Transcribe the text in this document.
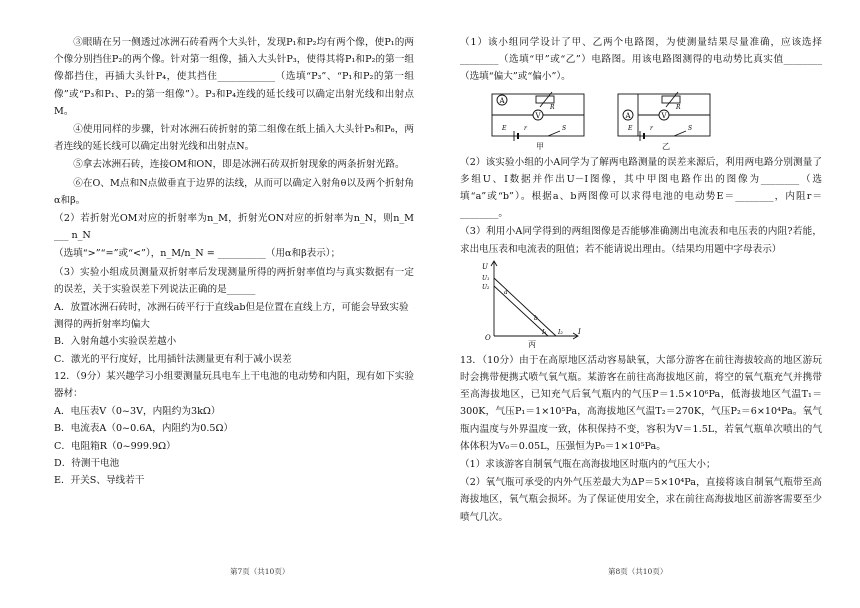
③眼睛在另一侧透过冰洲石砖看两个大头针，发现P₁和P₂均有两个像，使P₁的两个像分别挡住P₂的两个像。针对第一组像，插入大头针P₃，使得其将P₁和P₂的第一组像都挡住，再插大头针P₄，使其挡住____________（选填“P₃”、“P₁和P₂的第一组像”或“P₃和P₁、P₂的第一组像”）。P₃和P₄连线的延长线可以确定出射光线和出射点M。

④使用同样的步骤，针对冰洲石砖折射的第二组像在纸上插入大头针P₅和P₆，两者连线的延长线可以确定出射光线和出射点N。

⑤拿去冰洲石砖，连接OM和ON，即是冰洲石砖双折射现象的两条折射光路。

⑥在O、M点和N点做垂直于边界的法线，从而可以确定入射角θ以及两个折射角α和β。

（2）若折射光OM对应的折射率为n_M，折射光ON对应的折射率为n_N，则n_M ___ n_N

（选填“>”“=”或“<”），n_M/n_N = __________（用α和β表示）；

（3）实验小组成员测量双折射率后发现测量所得的两折射率值均与真实数据有一定的误差，关于实验误差下列说法正确的是______

A．放置冰洲石砖时，冰洲石砖平行于直线ab但是位置在直线上方，可能会导致实验测得的两折射率均偏大

B．入射角越小实验误差越小

C．激光的平行度好，比用插针法测量更有利于减小误差

12．（9分）某兴趣学习小组要测量玩具电车上干电池的电动势和内阻，现有如下实验器材：

A．电压表V（0~3V，内阻约为3kΩ）

B．电流表A（0~0.6A，内阻约为0.5Ω）

C．电阻箱R（0~999.9Ω）

D．待测干电池

E．开关S、导线若干

第7页（共10页）

（1）该小组同学设计了甲、乙两个电路图，为使测量结果尽量准确，应该选择________（选填“甲”或“乙”）电路图。用该电路图测得的电动势比真实值________（选填“偏大”或“偏小”）。

A
V
R
E	r	S
甲
A	V
R
E	r	S
乙

（2）该实验小组的小A同学为了解两电路测量的误差来源后，利用两电路分别测量了多组U、I数据并作出U－I图像，其中甲图电路作出的图像为________（选填“a”或“b”）。根据a、b两图像可以求得电池的电动势E＝________，内阻r＝________。

（3）利用小A同学得到的两组图像是否能够准确测出电流表和电压表的内阻?若能，求出电压表和电流表的阻值；若不能请说出理由。（结果均用题中字母表示）

U
I
O
U₁
U₂
I₁ I₂
a
b
丙

13．（10分）由于在高原地区活动容易缺氧，大部分游客在前往海拔较高的地区游玩时会携带便携式喷气氧气瓶。某游客在前往高海拔地区前，将空的氧气瓶充气并携带至高海拔地区，已知充气后氧气瓶内的气压P＝1.5×10⁶Pa，低海拔地区气温T₁＝300K，气压P₁＝1×10⁵Pa，高海拔地区气温T₂＝270K，气压P₂＝6×10⁴Pa。氧气瓶内温度与外界温度一致，体积保持不变，容积为V＝1.5L，若氧气瓶单次喷出的气体体积为V₀＝0.05L，压强恒为P₀＝1×10⁵Pa。

（1）求该游客自制氧气瓶在高海拔地区时瓶内的气压大小；

（2）氧气瓶可承受的内外气压差最大为ΔP＝5×10⁴Pa，直接将该自制氧气瓶带至高海拔地区，氧气瓶会损坏。为了保证使用安全，求在前往高海拔地区前游客需要至少喷气几次。

第8页（共10页）
